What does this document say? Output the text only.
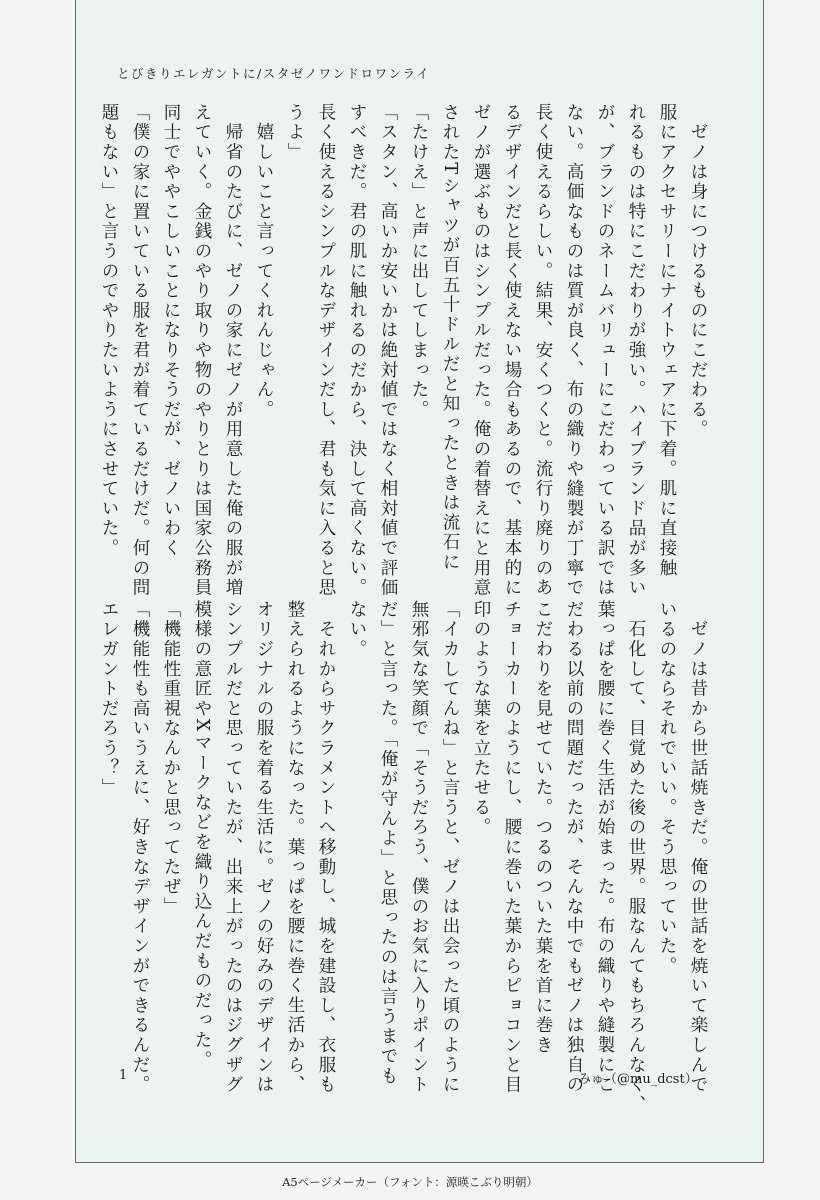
とびきりエレガントに/スタゼノワンドロワンライ
　ゼノは身につけるものにこだわる。
服にアクセサリーにナイトウェアに下着。肌に直接触
れるものは特にこだわりが強い。ハイブランド品が多い
が、ブランドのネームバリューにこだわっている訳では
ない。高価なものは質が良く、布の織りや縫製が丁寧で
長く使えるらしい。結果、安くつくと。流行り廃りのあ
るデザインだと長く使えない場合もあるので、基本的に
ゼノが選ぶものはシンプルだった。俺の着替えにと用意
されたTシャツが百五十ドルだと知ったときは流石に
「たけえ」と声に出してしまった。
「スタン、高いか安いかは絶対値ではなく相対値で評価
すべきだ。君の肌に触れるのだから、決して高くない。
長く使えるシンプルなデザインだし、君も気に入ると思
うよ」
　嬉しいこと言ってくれんじゃん。
　帰省のたびに、ゼノの家にゼノが用意した俺の服が増
えていく。金銭のやり取りや物のやりとりは国家公務員
同士でややこしいことになりそうだが、ゼノいわく
「僕の家に置いている服を君が着ているだけだ。何の問
題もない」と言うのでやりたいようにさせていた。
　ゼノは昔から世話焼きだ。俺の世話を焼いて楽しんで
いるのならそれでいい。そう思っていた。
　石化して、目覚めた後の世界。服なんてもちろんなく、
葉っぱを腰に巻く生活が始まった。布の織りや縫製にこ
だわる以前の問題だったが、そんな中でもゼノは独自の
こだわりを見せていた。つるのついた葉を首に巻き
チョーカーのようにし、腰に巻いた葉からピョコンと目
印のような葉を立たせる。
「イカしてんね」と言うと、ゼノは出会った頃のように
無邪気な笑顔で「そうだろう、僕のお気に入りポイント
だ」と言った。「俺が守んよ」と思ったのは言うまでも
ない。
　それからサクラメントへ移動し、城を建設し、衣服も
整えられるようになった。葉っぱを腰に巻く生活から、
オリジナルの服を着る生活に。ゼノの好みのデザインは
シンプルだと思っていたが、出来上がったのはジグザグ
模様の意匠やXマークなどを織り込んだものだった。
「機能性重視なんかと思ってたぜ」
「機能性も高いうえに、好きなデザインができるんだ。
エレガントだろう？」
1	みゅ（@mu_dcst）
A5ページメーカー（フォント：源暎こぶり明朝）
